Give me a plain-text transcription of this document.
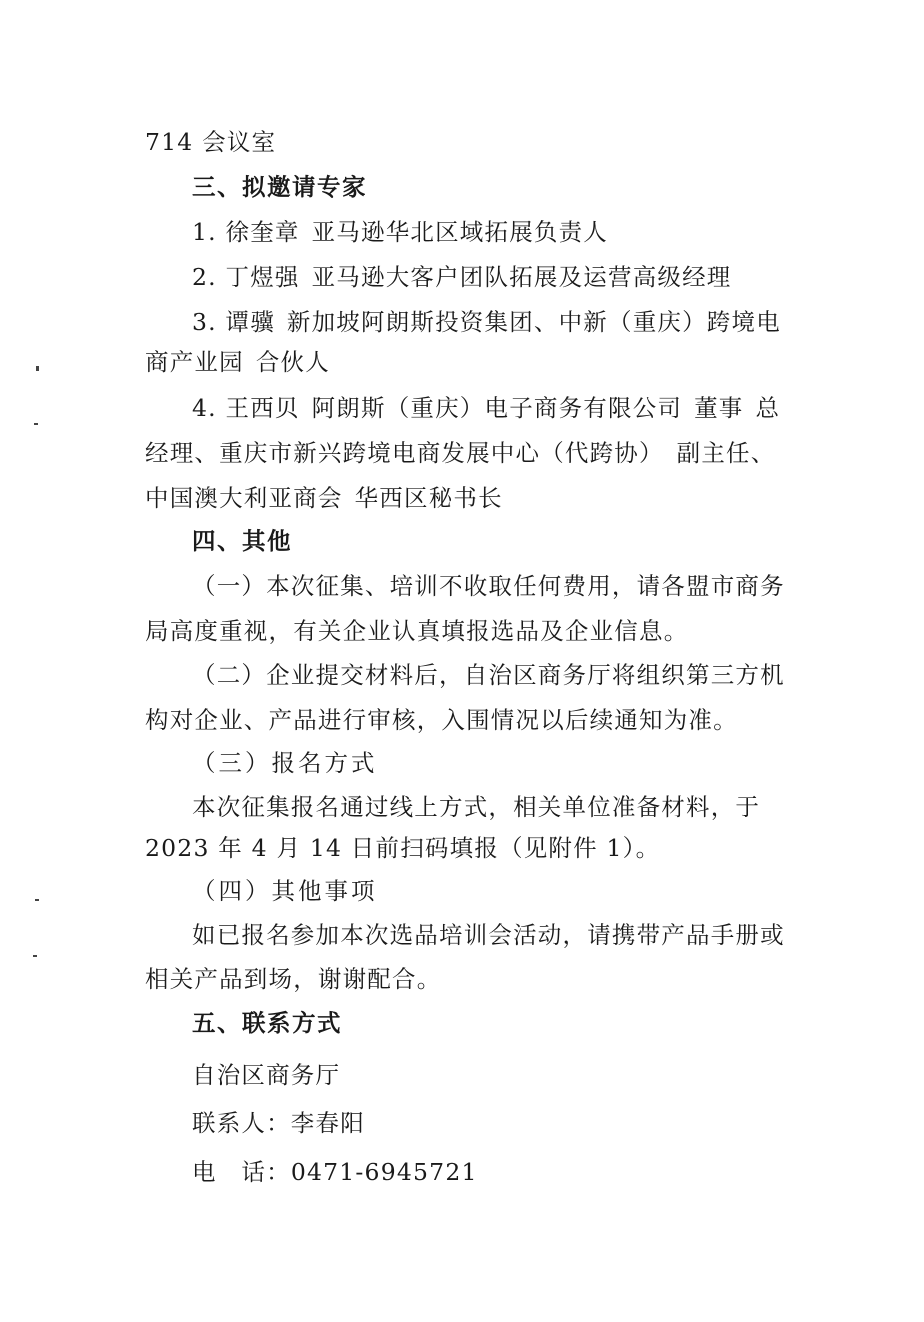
714 会议室
三、拟邀请专家
1. 徐奎章 亚马逊华北区域拓展负责人
2. 丁煜强 亚马逊大客户团队拓展及运营高级经理
3. 谭骥 新加坡阿朗斯投资集团、中新（重庆）跨境电
商产业园 合伙人
4. 王西贝 阿朗斯（重庆）电子商务有限公司 董事 总
经理、重庆市新兴跨境电商发展中心（代跨协）　副主任、
中国澳大利亚商会 华西区秘书长
四、其他
（一）本次征集、培训不收取任何费用，请各盟市商务
局高度重视，有关企业认真填报选品及企业信息。
（二）企业提交材料后，自治区商务厅将组织第三方机
构对企业、产品进行审核，入围情况以后续通知为准。
（三）报名方式
本次征集报名通过线上方式，相关单位准备材料，于
2023 年 4 月 14 日前扫码填报（见附件 1）。
（四）其他事项
如已报名参加本次选品培训会活动，请携带产品手册或
相关产品到场，谢谢配合。
五、联系方式
自治区商务厅
联系人：李春阳
电　话：0471-6945721
